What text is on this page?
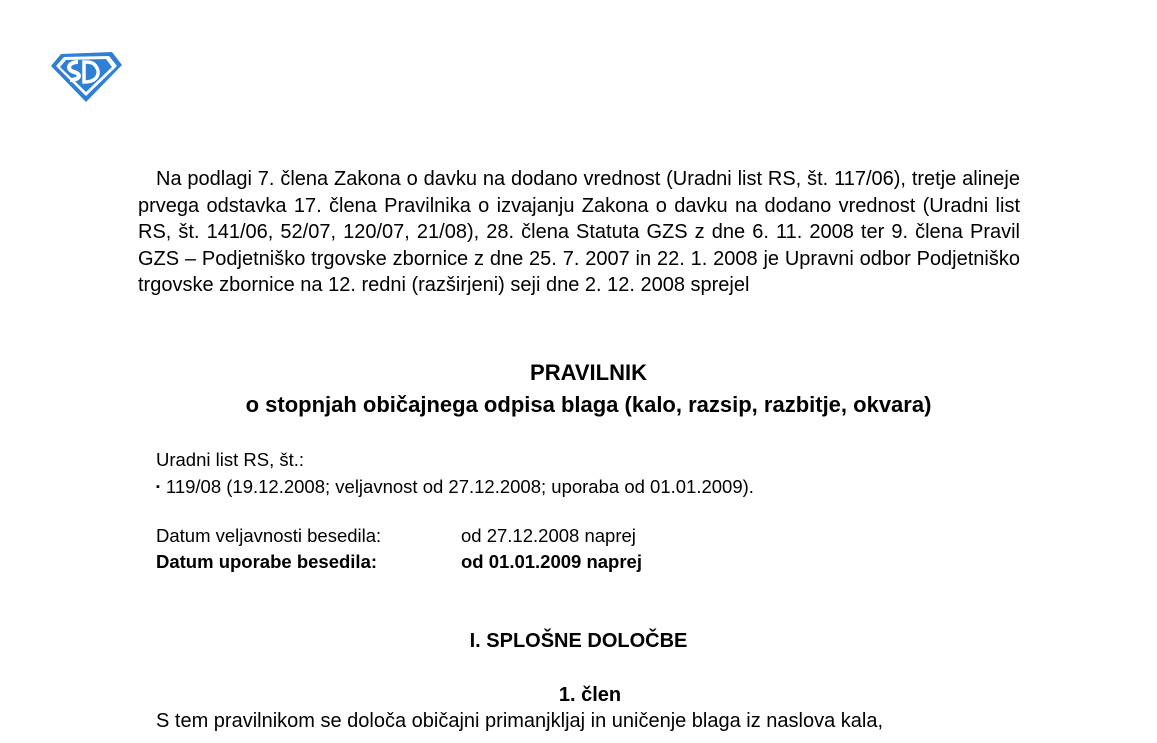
Na podlagi 7. člena Zakona o davku na dodano vrednost (Uradni list RS, št. 117/06), tretje alineje prvega odstavka 17. člena Pravilnika o izvajanju Zakona o davku na dodano vrednost (Uradni list RS, št. 141/06, 52/07, 120/07, 21/08), 28. člena Statuta GZS z dne 6. 11. 2008 ter 9. člena Pravil GZS – Podjetniško trgovske zbornice z dne 25. 7. 2007 in 22. 1. 2008 je Upravni odbor Podjetniško trgovske zbornice na 12. redni (razširjeni) seji dne 2. 12. 2008 sprejel

PRAVILNIK
o stopnjah običajnega odpisa blaga (kalo, razsip, razbitje, okvara)

Uradni list RS, št.:

▪ 119/08 (19.12.2008; veljavnost od 27.12.2008; uporaba od 01.01.2009).

Datum veljavnosti besedila:	od 27.12.2008 naprej
Datum uporabe besedila:	od 01.01.2009 naprej
I. SPLOŠNE DOLOČBE
1. člen

S tem pravilnikom se določa običajni primanjkljaj in uničenje blaga iz naslova kala,
